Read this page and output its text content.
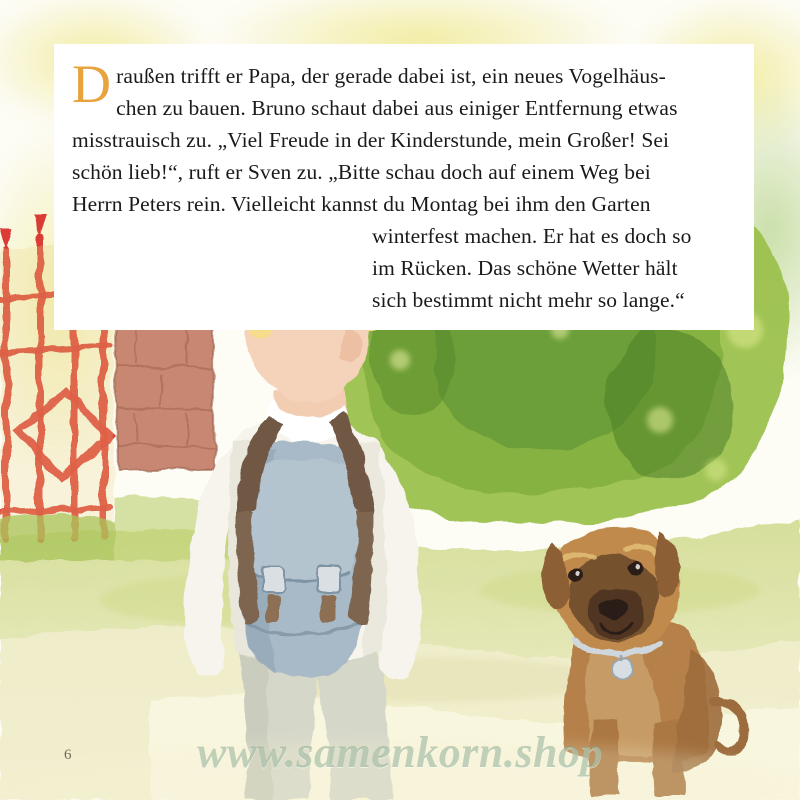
D raußen trifft er Papa, der gerade dabei ist, ein neues Vogelhäus-
chen zu bauen. Bruno schaut dabei aus einiger Entfernung etwas
misstrauisch zu. „Viel Freude in der Kinderstunde, mein Großer! Sei
schön lieb!“, ruft er Sven zu. „Bitte schau doch auf einem Weg bei
Herrn Peters rein. Vielleicht kannst du Montag bei ihm den Garten
winterfest machen. Er hat es doch so
im Rücken. Das schöne Wetter hält
sich bestimmt nicht mehr so lange.“

6	www.samenkorn.shop
